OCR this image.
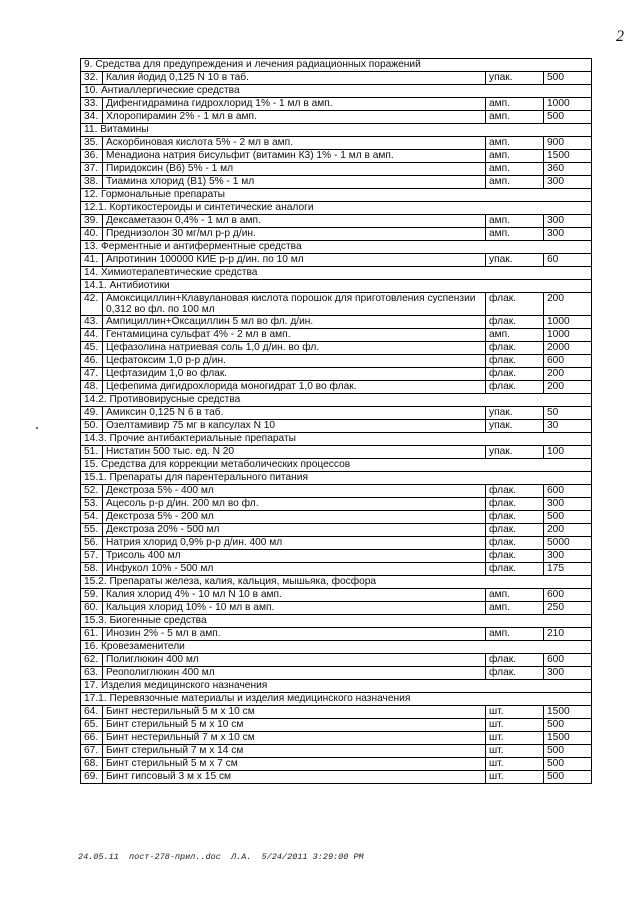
2
9. Средства для предупреждения и лечения радиационных поражений			
32.	Калия йодид 0,125 N 10 в таб.	упак.	500
10. Антиаллергические средства			
33.	Дифенгидрамина гидрохлорид 1% - 1 мл в амп.	амп.	1000
34.	Хлоропирамин 2% - 1 мл в амп.	амп.	500
11. Витамины			
35.	Аскорбиновая кислота 5% - 2 мл в амп.	амп.	900
36.	Менадиона натрия бисульфит (витамин К3) 1% - 1 мл в амп.	амп.	1500
37.	Пиридоксин (В6) 5% - 1 мл	амп.	360
38.	Тиамина хлорид (В1) 5% - 1 мл	амп.	300
12. Гормональные препараты			
12.1. Кортикостероиды и синтетические аналоги			
39.	Дексаметазон 0,4% - 1 мл в амп.	амп.	300
40.	Преднизолон 30 мг/мл р-р д/ин.	амп.	300
13. Ферментные и антиферментные средства			
41.	Апротинин 100000 КИЕ р-р д/ин. по 10 мл	упак.	60
14. Химиотерапевтические средства			
14.1. Антибиотики			
42.	Амоксициллин+Клавулановая кислота порошок для приготовления суспензии 0,312 во фл. по 100 мл	флак.	200
43.	Ампициллин+Оксациллин 5 мл во фл. д/ин.	флак.	1000
44.	Гентамицина сульфат 4% - 2 мл в амп.	амп.	1000
45.	Цефазолина натриевая соль 1,0 д/ин. во фл.	флак.	2000
46.	Цефатоксим 1,0 р-р д/ин.	флак.	600
47.	Цефтазидим 1,0 во флак.	флак.	200
48.	Цефепима дигидрохлорида моногидрат 1,0 во флак.	флак.	200
14.2. Противовирусные средства			
49.	Амиксин 0,125 N 6 в таб.	упак.	50
50.	Озелтамивир 75 мг в капсулах N 10	упак.	30
14.3. Прочие антибактериальные препараты			
51.	Нистатин 500 тыс. ед. N 20	упак.	100
15. Средства для коррекции метаболических процессов			
15.1. Препараты для парентерального питания			
52.	Декстроза 5% - 400 мл	флак.	600
53.	Ацесоль р-р д/ин. 200 мл во фл.	флак.	300
54.	Декстроза 5% - 200 мл	флак.	500
55.	Декстроза 20% - 500 мл	флак.	200
56.	Натрия хлорид 0,9% р-р д/ин. 400 мл	флак.	5000
57.	Трисоль 400 мл	флак.	300
58.	Инфукол 10% - 500 мл	флак.	175
15.2. Препараты железа, калия, кальция, мышьяка, фосфора			
59.	Калия хлорид 4% - 10 мл N 10 в амп.	амп.	600
60.	Кальция хлорид 10% - 10 мл в амп.	амп.	250
15.3. Биогенные средства			
61.	Инозин 2% - 5 мл в амп.	амп.	210
16. Кровезаменители			
62.	Полиглюкин 400 мл	флак.	600
63.	Реополиглюкин 400 мл	флак.	300
17. Изделия медицинского назначения			
17.1. Перевязочные материалы и изделия медицинского назначения			
64.	Бинт нестерильный 5 м х 10 см	шт.	1500
65.	Бинт стерильный 5 м х 10 см	шт.	500
66.	Бинт нестерильный 7 м х 10 см	шт.	1500
67.	Бинт стерильный 7 м х 14 см	шт.	500
68.	Бинт стерильный 5 м х 7 см	шт.	500
69.	Бинт гипсовый 3 м х 15 см	шт.	500
24.05.11  пост-278-прил..doc  Л.А.  5/24/2011 3:29:00 PM
